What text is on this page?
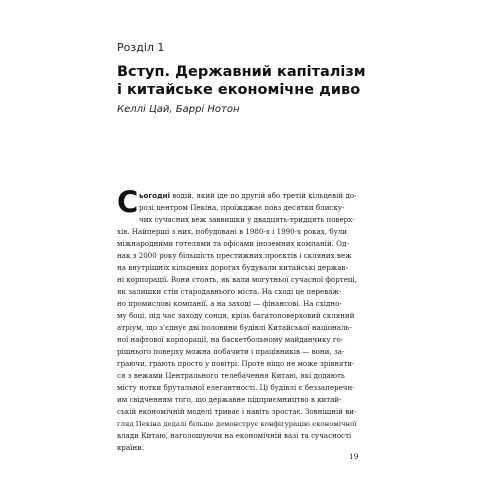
Розділ 1
Вступ. Державний капіталізм
і китайське економічне диво
Келлі Цай, Баррі Нотон
С ьогодні водій, який іде по другій або третій кільцевій до-
розі центром Пекіна, проїжджає повз десятки блиску-
чих сучасних веж заввишки у двадцять-тридцять поверх-
хів. Найперші з них, побудовані в 1980-х і 1990-х роках, були
міжнародними готелями та офісами іноземних компаній. Од-
нак з 2000 року більшість престижних проєктів і скляних веж
на внутрішніх кільцевих дорогах будували китайські держав-
ні корпорації. Вони стоять, як вали могутньої сучасної фортеці,
як залишки стін стародавнього міста. На сході це переваж-
но промислові компанії, а на заході — фінансові. На східно-
му боці, під час заходу сонця, крізь багатоповерховий скляний
атріум, що з'єднує дві половини будівлі Китайської національ-
ної нафтової корпорації, на баскетбольному майданчику го-
рішнього поверху можна побачити і працівників — вони, за-
граючи, грають просто у повітрі. Проте ніщо не може зрівняти-
ся з вежами Центрального телебачення Китаю, які додають
місту нотки брутальної елегантності. Ці будівлі є беззаперечн-
им свідченням того, що державне підприємництво в китай-
ській економічній моделі триває і навіть зростає. Зовнішній ви-
гляд Пекіна дедалі більше демонструє конфігурацію економічної
влади Китаю, наголошуючи на економічній вазі та сучасності
країни.
19
